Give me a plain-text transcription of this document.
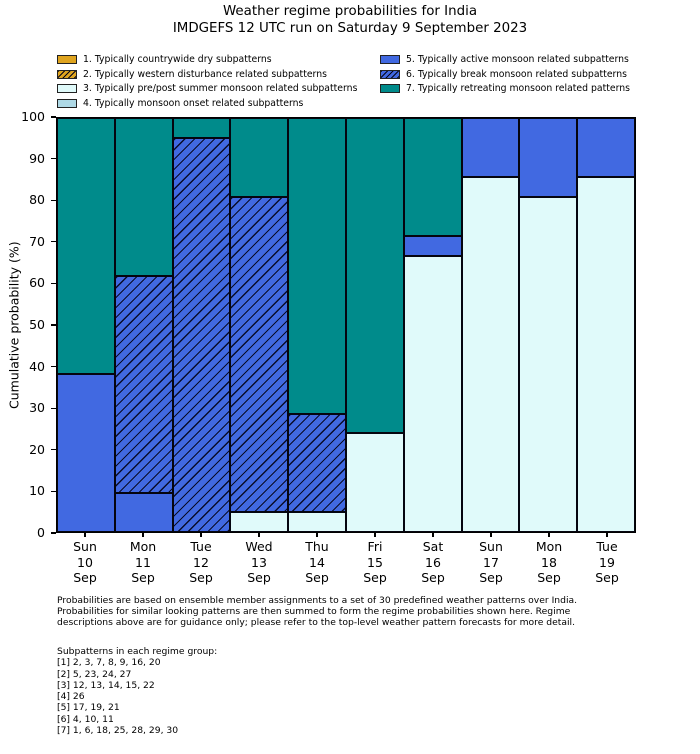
Weather regime probabilities for India
IMDGEFS 12 UTC run on Saturday 9 September 2023
1. Typically countrywide dry subpatterns
2. Typically western disturbance related subpatterns
3. Typically pre/post summer monsoon related subpatterns
4. Typically monsoon onset related subpatterns
5. Typically active monsoon related subpatterns
6. Typically break monsoon related subpatterns
7. Typically retreating monsoon related patterns
Cumulative probability (%)
0
10
20
30
40
50
60
70
80
90
100
Sun
10
Sep
Mon
11
Sep
Tue
12
Sep
Wed
13
Sep
Thu
14
Sep
Fri
15
Sep
Sat
16
Sep
Sun
17
Sep
Mon
18
Sep
Tue
19
Sep
Probabilities are based on ensemble member assignments to a set of 30 predefined weather patterns over India.
Probabilities for similar looking patterns are then summed to form the regime probabilities shown here. Regime
descriptions above are for guidance only; please refer to the top-level weather pattern forecasts for more detail.
Subpatterns in each regime group:
[1] 2, 3, 7, 8, 9, 16, 20
[2] 5, 23, 24, 27
[3] 12, 13, 14, 15, 22
[4] 26
[5] 17, 19, 21
[6] 4, 10, 11
[7] 1, 6, 18, 25, 28, 29, 30
